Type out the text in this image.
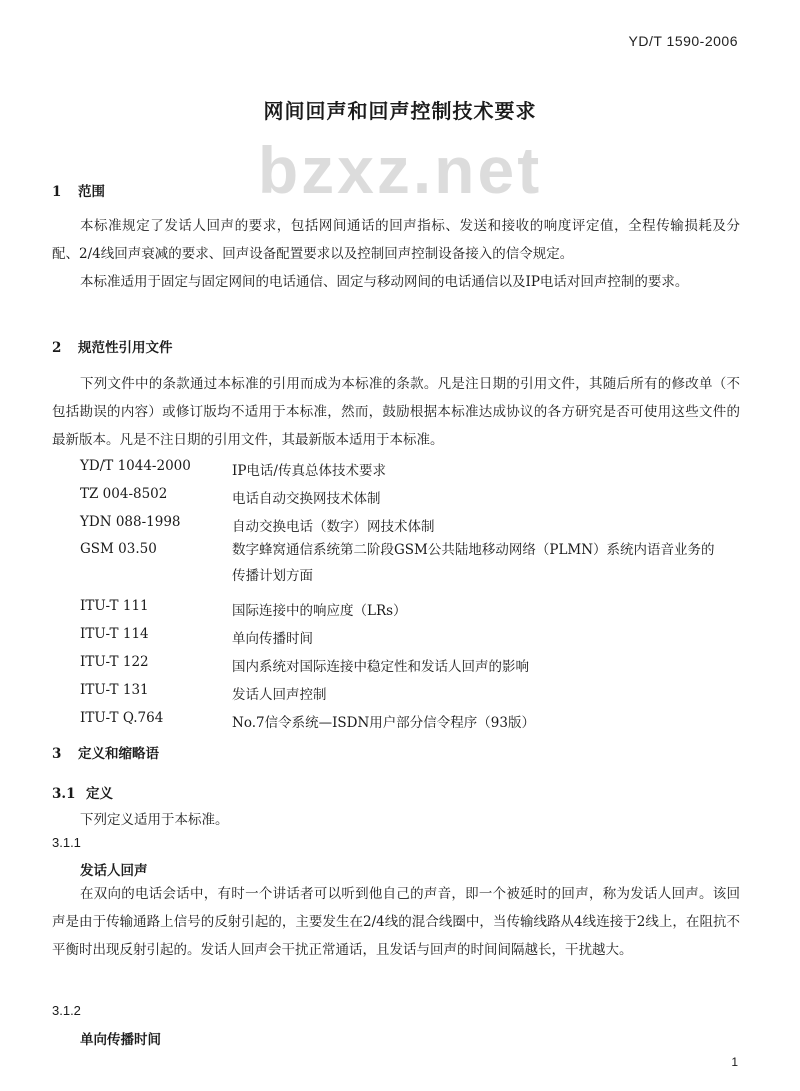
YD/T 1590-2006
网间回声和回声控制技术要求
bzxz.net
1 范围
本标准规定了发话人回声的要求，包括网间通话的回声指标、发送和接收的响度评定值，全程传输损耗及分配、2/4线回声衰减的要求、回声设备配置要求以及控制回声控制设备接入的信令规定。
本标准适用于固定与固定网间的电话通信、固定与移动网间的电话通信以及IP电话对回声控制的要求。
2 规范性引用文件
下列文件中的条款通过本标准的引用而成为本标准的条款。凡是注日期的引用文件，其随后所有的修改单（不包括勘误的内容）或修订版均不适用于本标准，然而，鼓励根据本标准达成协议的各方研究是否可使用这些文件的最新版本。凡是不注日期的引用文件，其最新版本适用于本标准。
YD/T 1044-2000	IP电话/传真总体技术要求
TZ 004-8502	电话自动交换网技术体制
YDN 088-1998	自动交换电话（数字）网技术体制
GSM 03.50	数字蜂窝通信系统第二阶段GSM公共陆地移动网络（PLMN）系统内语音业务的传播计划方面
ITU-T 111	国际连接中的响应度（LRs）
ITU-T 114	单向传播时间
ITU-T 122	国内系统对国际连接中稳定性和发话人回声的影响
ITU-T 131	发话人回声控制
ITU-T Q.764	No.7信令系统—ISDN用户部分信令程序（93版）
3 定义和缩略语
3.1 定义
下列定义适用于本标准。
3.1.1
发话人回声
在双向的电话会话中，有时一个讲话者可以听到他自己的声音，即一个被延时的回声，称为发话人回声。该回声是由于传输通路上信号的反射引起的，主要发生在2/4线的混合线圈中，当传输线路从4线连接于2线上，在阻抗不平衡时出现反射引起的。发话人回声会干扰正常通话，且发话与回声的时间间隔越长，干扰越大。
3.1.2
单向传播时间
1
